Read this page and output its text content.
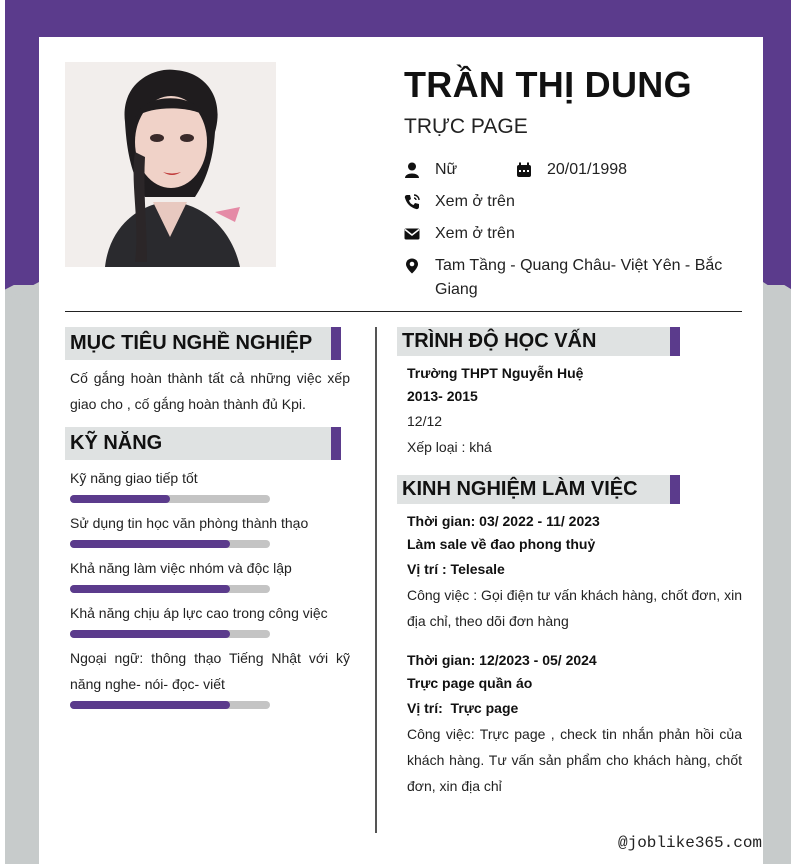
TRẦN THỊ DUNG
TRỰC PAGE
Nữ	20/01/1998
Xem ở trên
Xem ở trên
Tam Tầng - Quang Châu- Việt Yên - Bắc Giang
MỤC TIÊU NGHỀ NGHIỆP
Cố gắng hoàn thành tất cả những việc xếp giao cho , cố gắng hoàn thành đủ Kpi.
KỸ NĂNG
Kỹ năng giao tiếp tốt
Sử dụng tin học văn phòng thành thạo
Khả năng làm việc nhóm và độc lập
Khả năng chịu áp lực cao trong công việc
Ngoại ngữ: thông thạo Tiếng Nhật với kỹ năng nghe- nói- đọc- viết
TRÌNH ĐỘ HỌC VẤN
Trường THPT Nguyễn Huệ
2013- 2015
12/12
Xếp loại : khá
KINH NGHIỆM LÀM VIỆC
Thời gian: 03/ 2022 - 11/ 2023
Làm sale về đao phong thuỷ
Vị trí : Telesale
Công việc : Gọi điện tư vấn khách hàng, chốt đơn, xin địa chỉ, theo dõi đơn hàng
Thời gian: 12/2023 - 05/ 2024
Trực page quần áo
Vị trí:  Trực page
Công việc: Trực page , check tin nhắn phản hồi của khách hàng. Tư vấn sản phẩm cho khách hàng, chốt đơn, xin địa chỉ
@joblike365.com
